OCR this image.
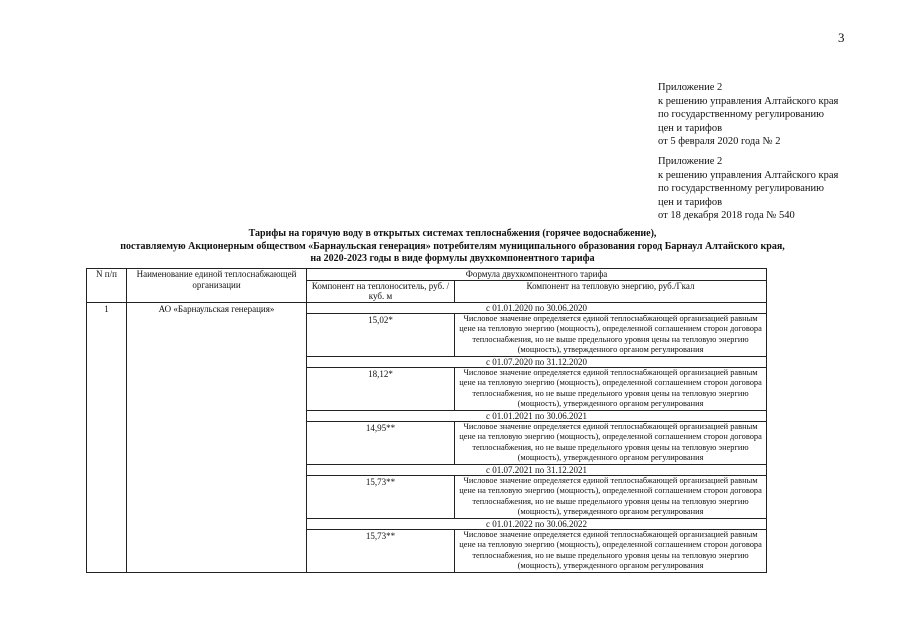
3
Приложение 2
к решению управления Алтайского края
по государственному регулированию
цен и тарифов
от 5 февраля 2020 года № 2
Приложение 2
к решению управления Алтайского края
по государственному регулированию
цен и тарифов
от 18 декабря 2018 года № 540
Тарифы на горячую воду в открытых системах теплоснабжения (горячее водоснабжение),
поставляемую Акционерным обществом «Барнаульская генерация» потребителям муниципального образования город Барнаул Алтайского края,
на 2020-2023 годы в виде формулы двухкомпонентного тарифа
N п/п	Наименование единой теплоснабжающей организации	Формула двухкомпонентного тарифа	
		Компонент на теплоноситель, руб. /куб. м	Компонент на тепловую энергию, руб./Гкал
1	АО «Барнаульская генерация»	с 01.01.2020 по 30.06.2020	
		15,02*	Числовое значение определяется единой теплоснабжающей организацией равным цене на тепловую энергию (мощность), определенной соглашением сторон договора теплоснабжения, но не выше предельного уровня цены на тепловую энергию (мощность), утвержденного органом регулирования
		с 01.07.2020 по 31.12.2020	
		18,12*	Числовое значение определяется единой теплоснабжающей организацией равным цене на тепловую энергию (мощность), определенной соглашением сторон договора теплоснабжения, но не выше предельного уровня цены на тепловую энергию (мощность), утвержденного органом регулирования
		с 01.01.2021 по 30.06.2021	
		14,95**	Числовое значение определяется единой теплоснабжающей организацией равным цене на тепловую энергию (мощность), определенной соглашением сторон договора теплоснабжения, но не выше предельного уровня цены на тепловую энергию (мощность), утвержденного органом регулирования
		с 01.07.2021 по 31.12.2021	
		15,73**	Числовое значение определяется единой теплоснабжающей организацией равным цене на тепловую энергию (мощность), определенной соглашением сторон договора теплоснабжения, но не выше предельного уровня цены на тепловую энергию (мощность), утвержденного органом регулирования
		с 01.01.2022 по 30.06.2022	
		15,73**	Числовое значение определяется единой теплоснабжающей организацией равным цене на тепловую энергию (мощность), определенной соглашением сторон договора теплоснабжения, но не выше предельного уровня цены на тепловую энергию (мощность), утвержденного органом регулирования
